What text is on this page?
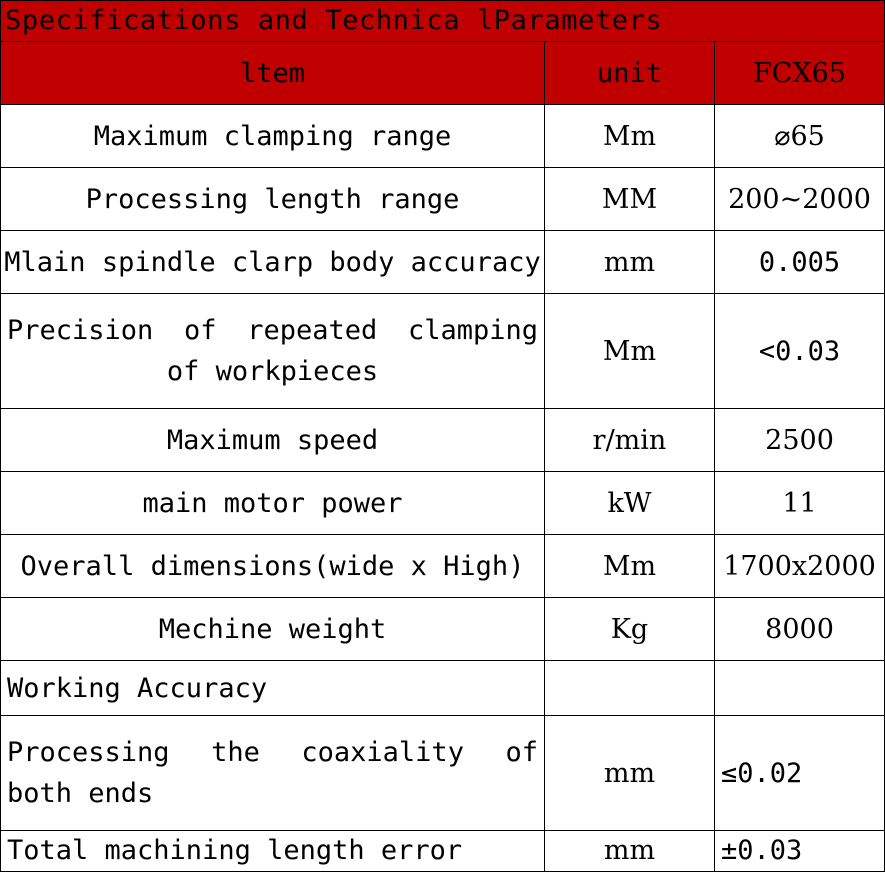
Specifications and Technica lParameters		
ltem	unit	FCX65
Maximum clamping range	Mm	⌀65
Processing length range	MM	200~2000
Mlain spindle clarp body accuracy	mm	0.005
Precision of repeated clamping of workpieces	Mm	<0.03
Maximum speed	r/min	2500
main motor power	kW	11
Overall dimensions(wide x High)	Mm	1700x2000
Mechine weight	Kg	8000
Working Accuracy		
Processing the coaxiality of both ends	mm	≤0.02
Total machining length error	mm	±0.03
